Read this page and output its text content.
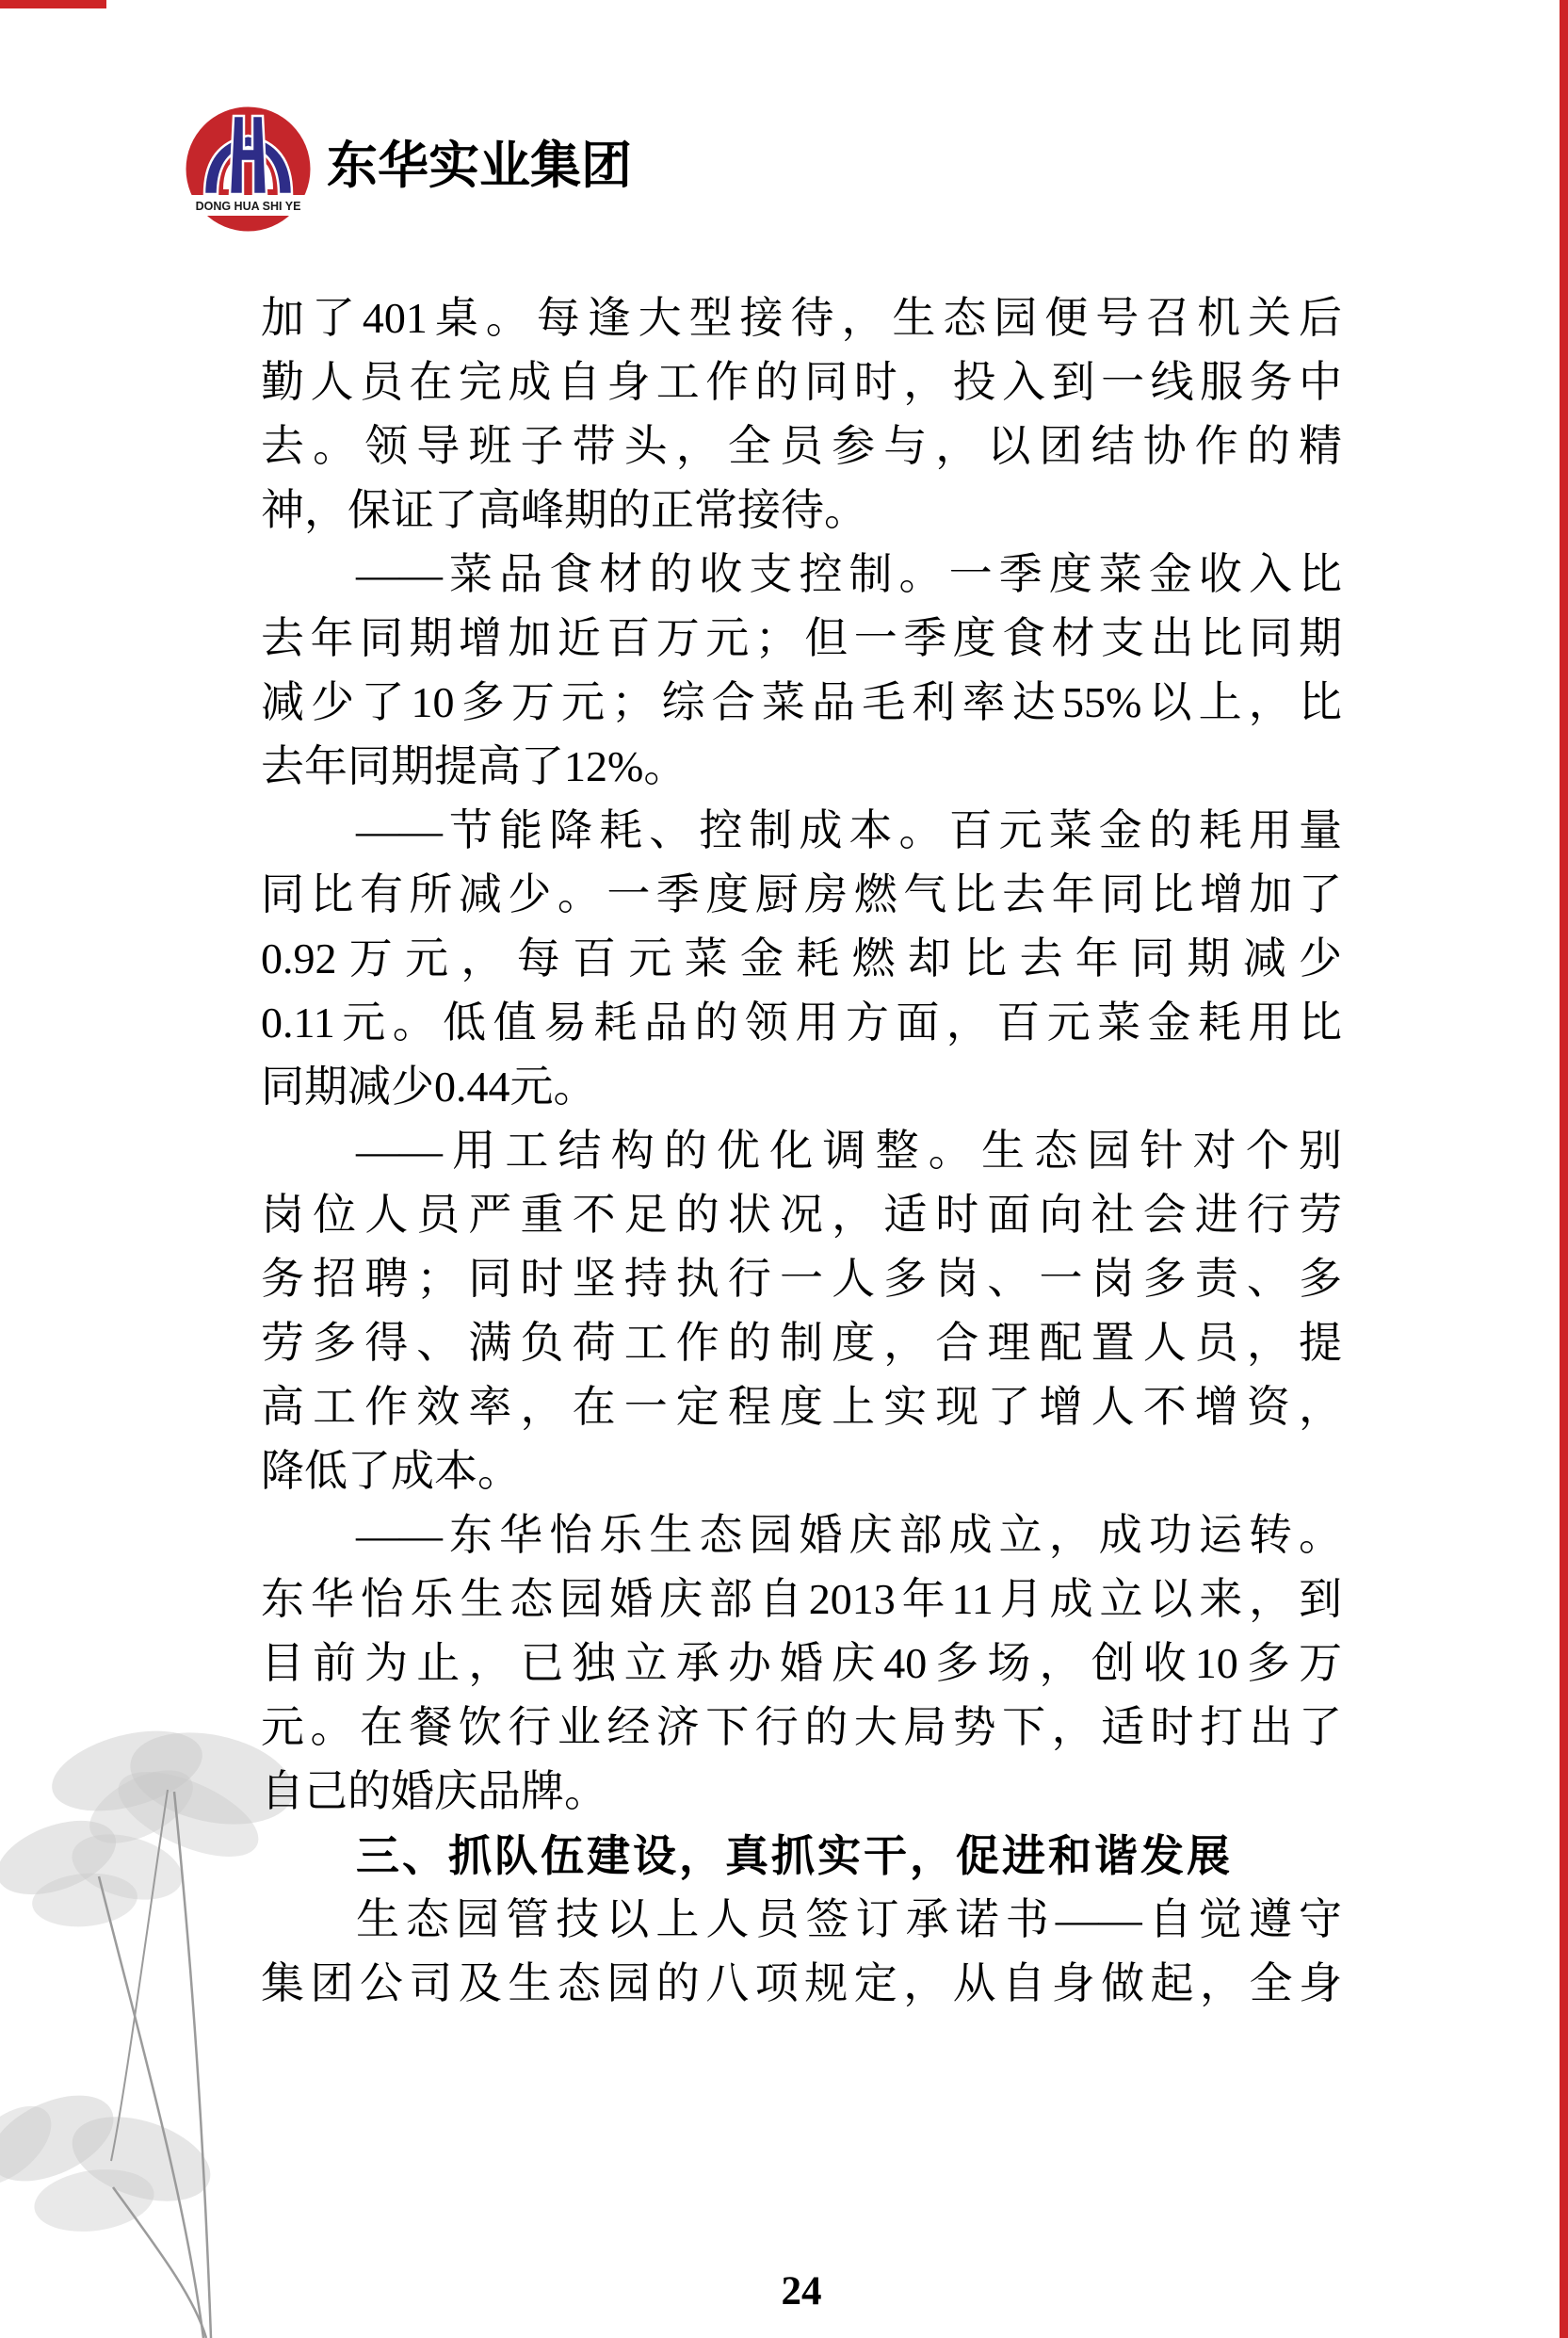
DONG HUA SHI YE
东华实业集团
加了401桌。每逢大型接待，生态园便号召机关后
勤人员在完成自身工作的同时，投入到一线服务中
去。领导班子带头，全员参与，以团结协作的精
神，保证了高峰期的正常接待。
——菜品食材的收支控制。一季度菜金收入比
去年同期增加近百万元；但一季度食材支出比同期
减少了10多万元；综合菜品毛利率达55%以上，比
去年同期提高了12%。
——节能降耗、控制成本。百元菜金的耗用量
同比有所减少。一季度厨房燃气比去年同比增加了
0.92万元，每百元菜金耗燃却比去年同期减少
0.11元。低值易耗品的领用方面，百元菜金耗用比
同期减少0.44元。
——用工结构的优化调整。生态园针对个别
岗位人员严重不足的状况，适时面向社会进行劳
务招聘；同时坚持执行一人多岗、一岗多责、多
劳多得、满负荷工作的制度，合理配置人员，提
高工作效率，在一定程度上实现了增人不增资，
降低了成本。
——东华怡乐生态园婚庆部成立，成功运转。
东华怡乐生态园婚庆部自2013年11月成立以来，到
目前为止，已独立承办婚庆40多场，创收10多万
元。在餐饮行业经济下行的大局势下，适时打出了
自己的婚庆品牌。
三、抓队伍建设，真抓实干，促进和谐发展
生态园管技以上人员签订承诺书——自觉遵守
集团公司及生态园的八项规定，从自身做起，全身
24
